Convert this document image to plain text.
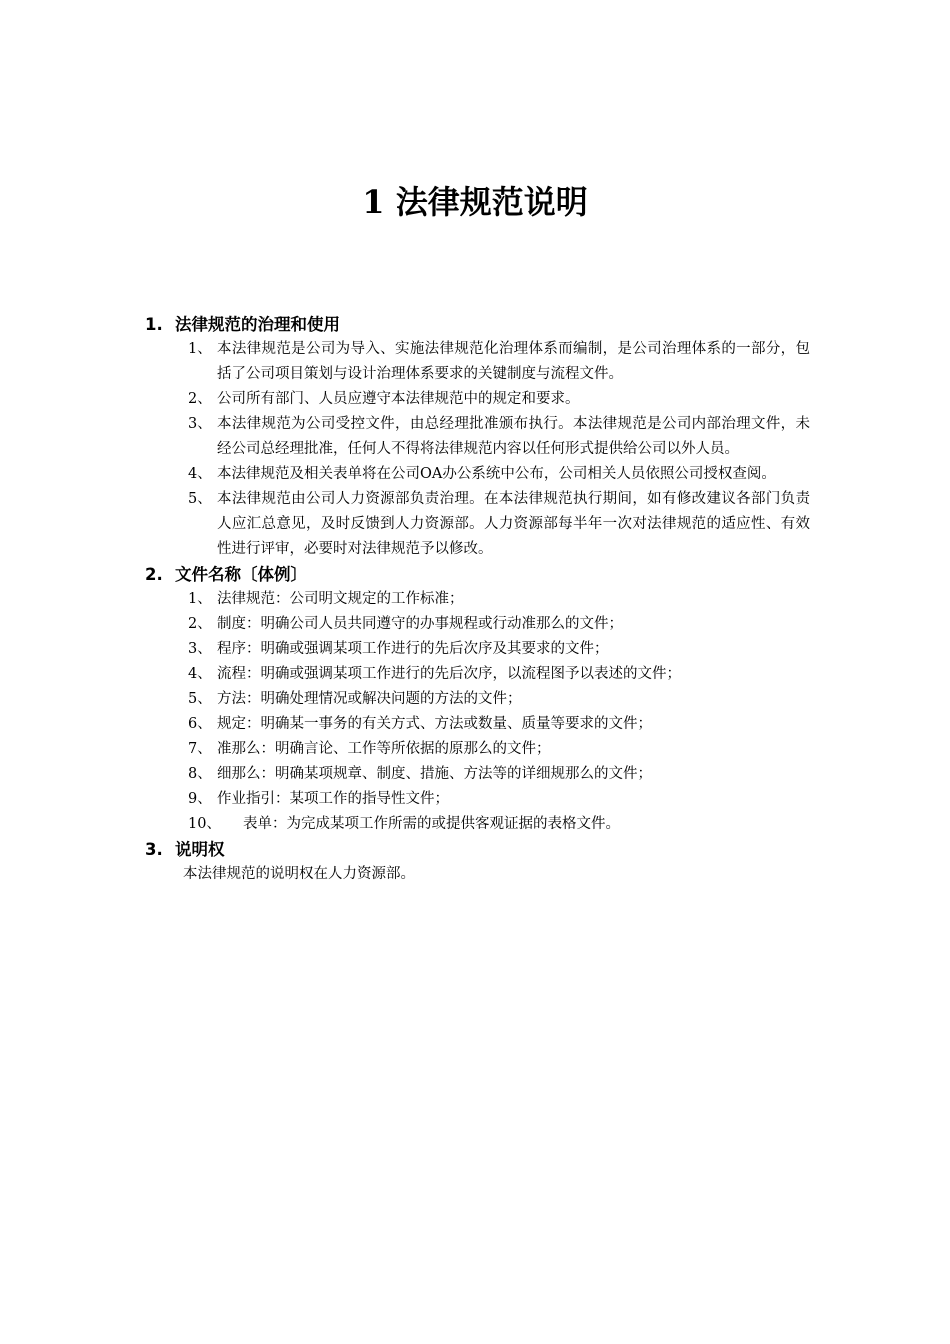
1 法律规范说明
1. 法律规范的治理和使用
1、 本法律规范是公司为导入、实施法律规范化治理体系而编制，是公司治理体系的一部分，包括了公司项目策划与设计治理体系要求的关键制度与流程文件。
2、 公司所有部门、人员应遵守本法律规范中的规定和要求。
3、 本法律规范为公司受控文件，由总经理批准颁布执行。本法律规范是公司内部治理文件，未经公司总经理批准，任何人不得将法律规范内容以任何形式提供给公司以外人员。
4、 本法律规范及相关表单将在公司OA办公系统中公布，公司相关人员依照公司授权查阅。
5、 本法律规范由公司人力资源部负责治理。在本法律规范执行期间，如有修改建议各部门负责人应汇总意见，及时反馈到人力资源部。人力资源部每半年一次对法律规范的适应性、有效性进行评审，必要时对法律规范予以修改。
2. 文件名称〔体例〕
1、 法律规范：公司明文规定的工作标准；
2、 制度：明确公司人员共同遵守的办事规程或行动准那么的文件；
3、 程序：明确或强调某项工作进行的先后次序及其要求的文件；
4、 流程：明确或强调某项工作进行的先后次序，以流程图予以表述的文件；
5、 方法：明确处理情况或解决问题的方法的文件；
6、 规定：明确某一事务的有关方式、方法或数量、质量等要求的文件；
7、 准那么：明确言论、工作等所依据的原那么的文件；
8、 细那么：明确某项规章、制度、措施、方法等的详细规那么的文件；
9、 作业指引：某项工作的指导性文件；
10、	表单：为完成某项工作所需的或提供客观证据的表格文件。
3. 说明权

本法律规范的说明权在人力资源部。
